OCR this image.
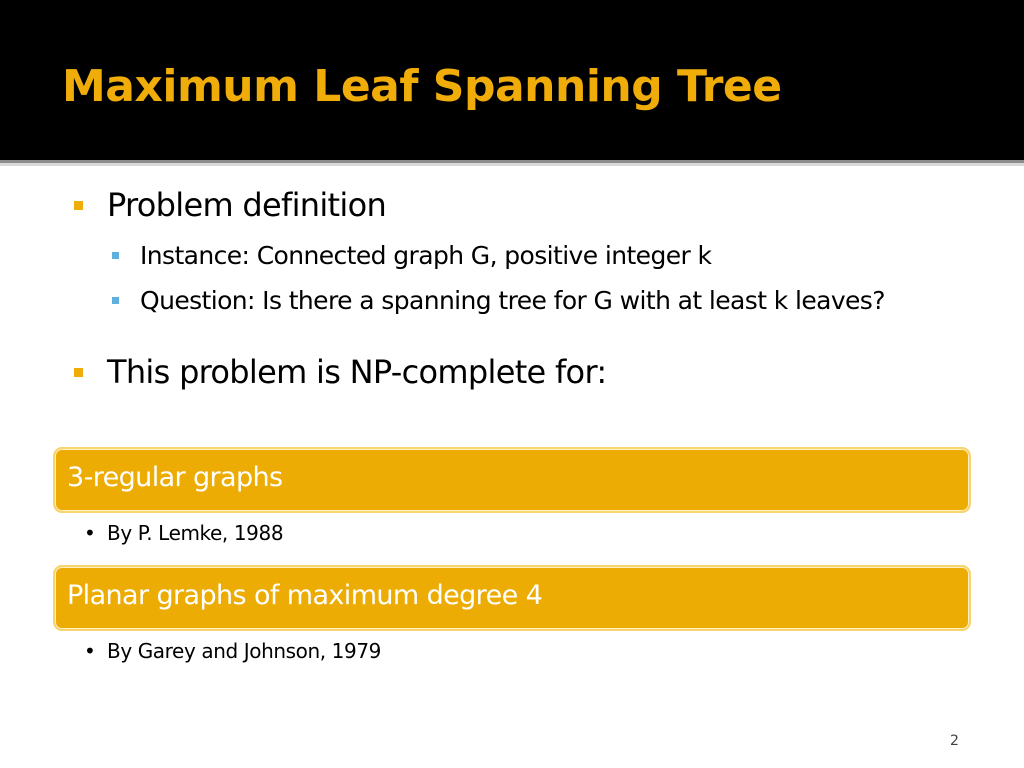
Maximum Leaf Spanning Tree
Problem definition
Instance: Connected graph G, positive integer k
Question: Is there a spanning tree for G with at least k leaves?
This problem is NP-complete for:
3-regular graphs
• By P. Lemke, 1988
Planar graphs of maximum degree 4
• By Garey and Johnson, 1979
2
